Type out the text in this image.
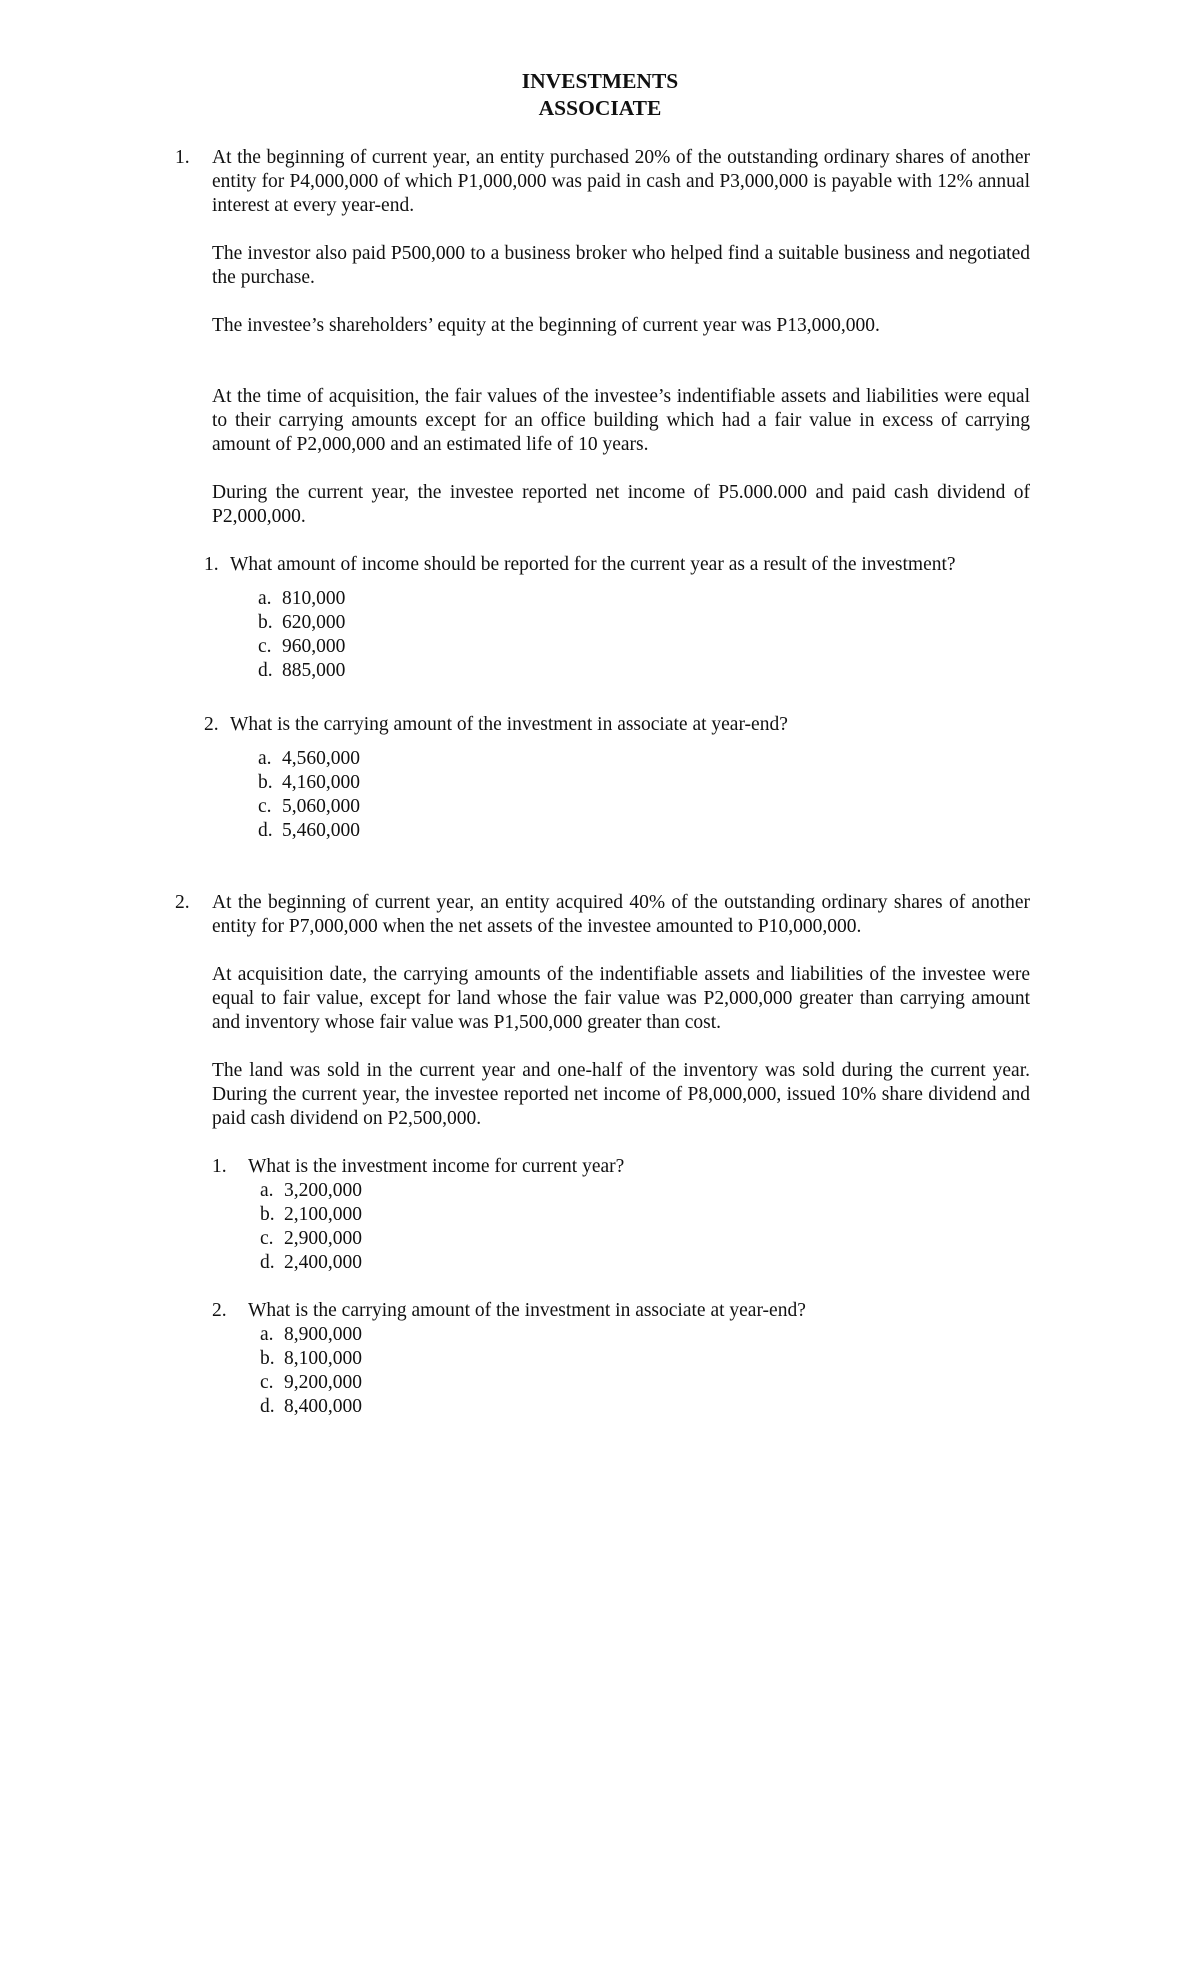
INVESTMENTS
ASSOCIATE
1. At the beginning of current year, an entity purchased 20% of the outstanding ordinary shares of another entity for P4,000,000 of which P1,000,000 was paid in cash and P3,000,000 is payable with 12% annual interest at every year-end.

The investor also paid P500,000 to a business broker who helped find a suitable business and negotiated the purchase.

The investee’s shareholders’ equity at the beginning of current year was P13,000,000.

At the time of acquisition, the fair values of the investee’s indentifiable assets and liabilities were equal to their carrying amounts except for an office building which had a fair value in excess of carrying amount of P2,000,000 and an estimated life of 10 years.

During the current year, the investee reported net income of P5.000.000 and paid cash dividend of P2,000,000.

1. What amount of income should be reported for the current year as a result of the investment?
a. 810,000
b. 620,000
c. 960,000
d. 885,000
2. What is the carrying amount of the investment in associate at year-end?
a. 4,560,000
b. 4,160,000
c. 5,060,000
d. 5,460,000
2. At the beginning of current year, an entity acquired 40% of the outstanding ordinary shares of another entity for P7,000,000 when the net assets of the investee amounted to P10,000,000.

At acquisition date, the carrying amounts of the indentifiable assets and liabilities of the investee were equal to fair value, except for land whose the fair value was P2,000,000 greater than carrying amount and inventory whose fair value was P1,500,000 greater than cost.

The land was sold in the current year and one-half of the inventory was sold during the current year. During the current year, the investee reported net income of P8,000,000, issued 10% share dividend and paid cash dividend on P2,500,000.

1. What is the investment income for current year?
a. 3,200,000
b. 2,100,000
c. 2,900,000
d. 2,400,000
2. What is the carrying amount of the investment in associate at year-end?
a. 8,900,000
b. 8,100,000
c. 9,200,000
d. 8,400,000
